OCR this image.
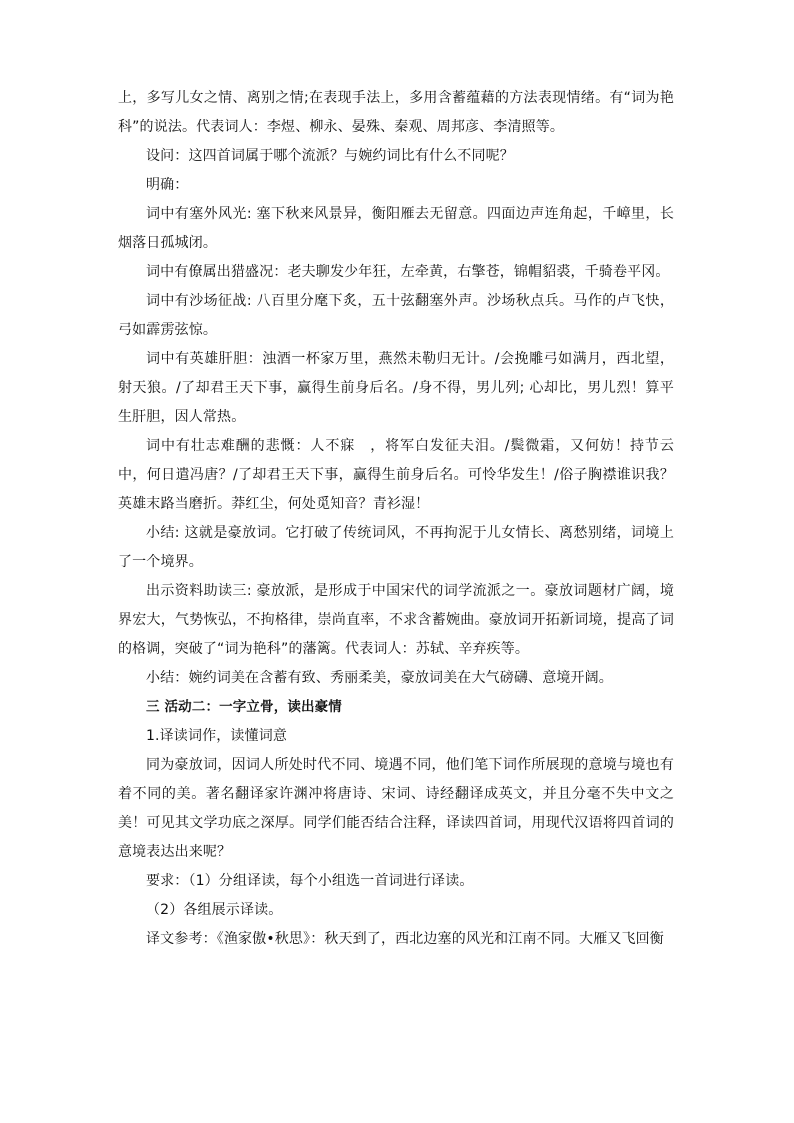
上，多写儿女之情、离别之情;在表现手法上，多用含蓄蕴藉的方法表现情绪。有“词为艳科”的说法。代表词人：李煜、柳永、晏殊、秦观、周邦彦、李清照等。

设问：这四首词属于哪个流派？与婉约词比有什么不同呢？

明确：

词中有塞外风光: 塞下秋来风景异，衡阳雁去无留意。四面边声连角起，千嶂里，长烟落日孤城闭。

词中有僚属出猎盛况：老夫聊发少年狂，左牵黄，右擎苍，锦帽貂裘，千骑卷平冈。

词中有沙场征战: 八百里分麾下炙，五十弦翻塞外声。沙场秋点兵。马作的卢飞快，弓如霹雳弦惊。

词中有英雄肝胆：浊酒一杯家万里，燕然未勒归无计。/会挽雕弓如满月，西北望，射天狼。/了却君王天下事，赢得生前身后名。/身不得，男儿列; 心却比，男儿烈！算平生肝胆，因人常热。

词中有壮志难酬的悲慨：人不寐　，将军白发征夫泪。/鬓微霜，又何妨！持节云中，何日遣冯唐？/了却君王天下事，赢得生前身后名。可怜华发生！/俗子胸襟谁识我？英雄末路当磨折。莽红尘，何处觅知音？青衫湿！

小结: 这就是豪放词。它打破了传统词风，不再拘泥于儿女情长、离愁别绪，词境上了一个境界。

出示资料助读三: 豪放派，是形成于中国宋代的词学流派之一。豪放词题材广阔，境界宏大，气势恢弘，不拘格律，崇尚直率，不求含蓄婉曲。豪放词开拓新词境，提高了词的格调，突破了“词为艳科”的藩篱。代表词人：苏轼、辛弃疾等。

小结：婉约词美在含蓄有致、秀丽柔美，豪放词美在大气磅礴、意境开阔。

三 活动二：一字立骨，读出豪情

1.译读词作，读懂词意

同为豪放词，因词人所处时代不同、境遇不同，他们笔下词作所展现的意境与境也有着不同的美。著名翻译家许渊冲将唐诗、宋词、诗经翻译成英文，并且分毫不失中文之美！可见其文学功底之深厚。同学们能否结合注释，译读四首词，用现代汉语将四首词的意境表达出来呢？

要求：（1）分组译读，每个小组选一首词进行译读。

（2）各组展示译读。

译文参考：《渔家傲•秋思》：秋天到了，西北边塞的风光和江南不同。大雁又飞回衡
